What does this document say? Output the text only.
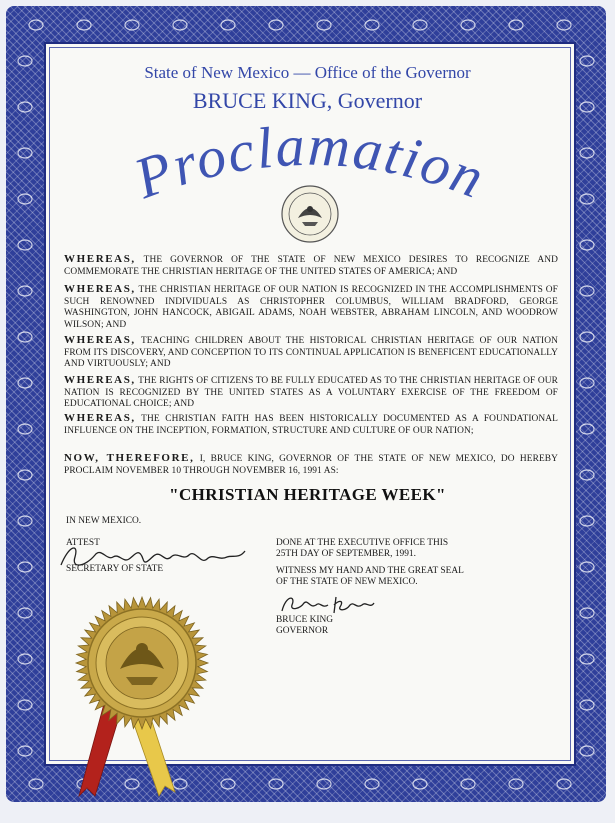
State of New Mexico — Office of the Governor
BRUCE KING, Governor
Proclamation
WHEREAS, THE GOVERNOR OF THE STATE OF NEW MEXICO DESIRES TO RECOGNIZE AND COMMEMORATE THE CHRISTIAN HERITAGE OF THE UNITED STATES OF AMERICA; AND
WHEREAS, THE CHRISTIAN HERITAGE OF OUR NATION IS RECOGNIZED IN THE ACCOMPLISHMENTS OF SUCH RENOWNED INDIVIDUALS AS CHRISTOPHER COLUMBUS, WILLIAM BRADFORD, GEORGE WASHINGTON, JOHN HANCOCK, ABIGAIL ADAMS, NOAH WEBSTER, ABRAHAM LINCOLN, AND WOODROW WILSON; AND
WHEREAS, TEACHING CHILDREN ABOUT THE HISTORICAL CHRISTIAN HERITAGE OF OUR NATION FROM ITS DISCOVERY, AND CONCEPTION TO ITS CONTINUAL APPLICATION IS BENEFICENT EDUCATIONALLY AND VIRTUOUSLY; AND
WHEREAS, THE RIGHTS OF CITIZENS TO BE FULLY EDUCATED AS TO THE CHRISTIAN HERITAGE OF OUR NATION IS RECOGNIZED BY THE UNITED STATES AS A VOLUNTARY EXERCISE OF THE FREEDOM OF EDUCATIONAL CHOICE; AND
WHEREAS, THE CHRISTIAN FAITH HAS BEEN HISTORICALLY DOCUMENTED AS A FOUNDATIONAL INFLUENCE ON THE INCEPTION, FORMATION, STRUCTURE AND CULTURE OF OUR NATION;
NOW, THEREFORE, I, BRUCE KING, GOVERNOR OF THE STATE OF NEW MEXICO, DO HEREBY PROCLAIM NOVEMBER 10 THROUGH NOVEMBER 16, 1991 AS:
"CHRISTIAN HERITAGE WEEK"
IN NEW MEXICO.
ATTEST
SECRETARY OF STATE
DONE AT THE EXECUTIVE OFFICE THIS
25TH DAY OF SEPTEMBER, 1991.
WITNESS MY HAND AND THE GREAT SEAL
OF THE STATE OF NEW MEXICO.
BRUCE KING
GOVERNOR
